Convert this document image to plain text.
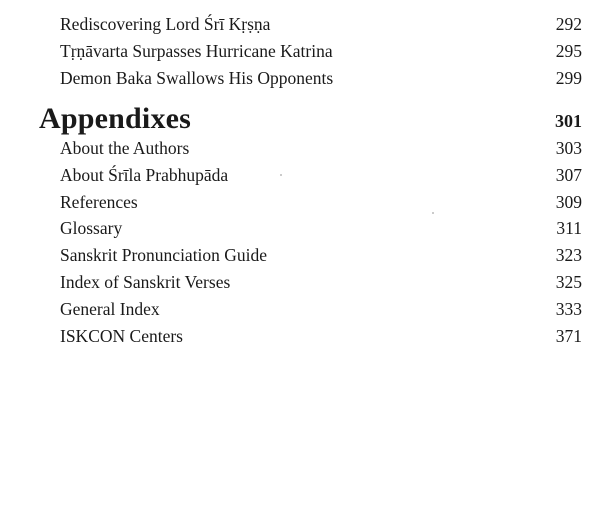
Rediscovering Lord Śrī Kṛṣṇa	292
Tṛṇāvarta Surpasses Hurricane Katrina	295
Demon Baka Swallows His Opponents	299
Appendixes	301
About the Authors	303
About Śrīla Prabhupāda	307
References	309
Glossary	311
Sanskrit Pronunciation Guide	323
Index of Sanskrit Verses	325
General Index	333
ISKCON Centers	371
